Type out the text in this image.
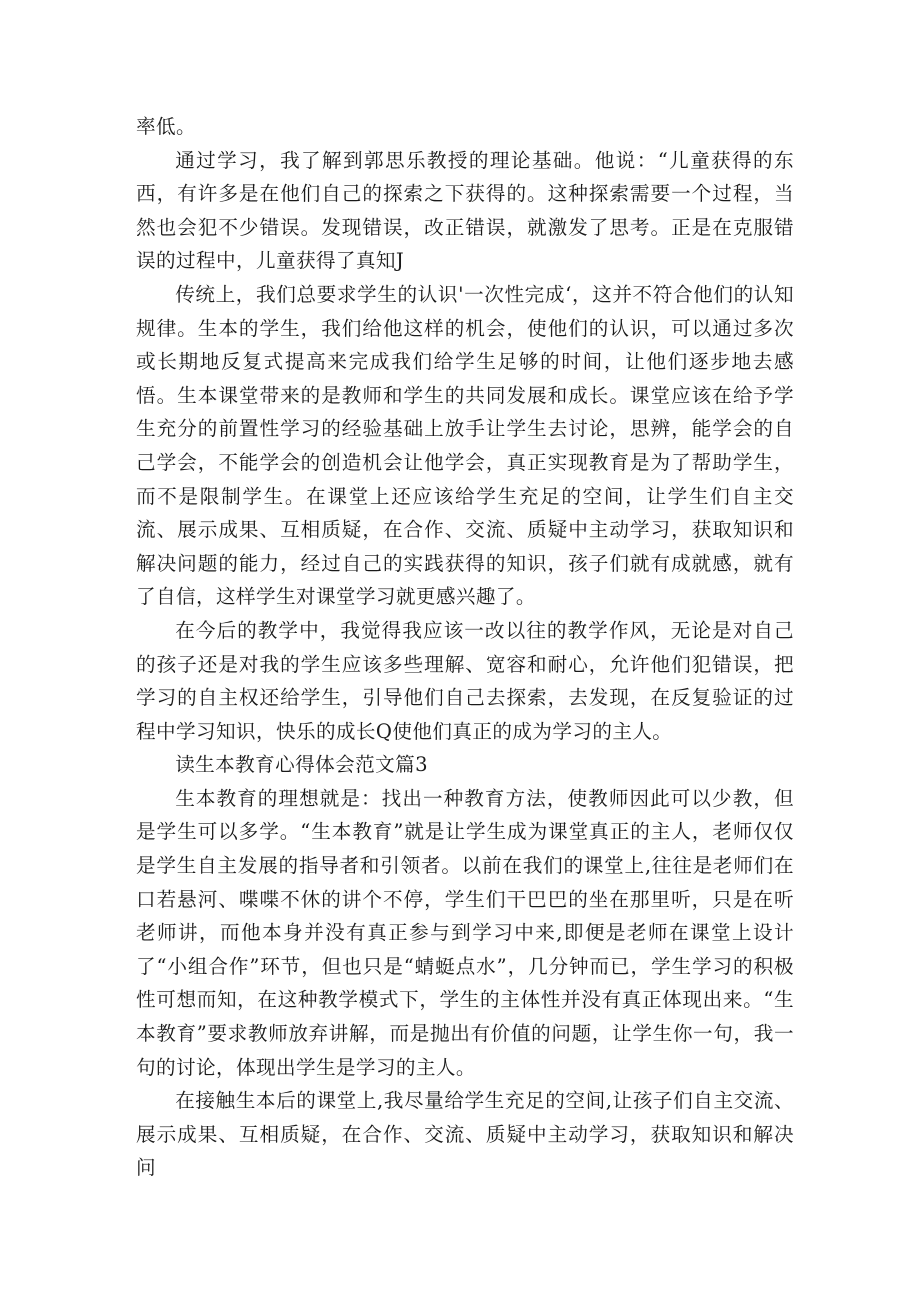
率低。

通过学习，我了解到郭思乐教授的理论基础。他说：“儿童获得的东西，有许多是在他们自己的探索之下获得的。这种探索需要一个过程，当然也会犯不少错误。发现错误，改正错误，就激发了思考。正是在克服错误的过程中，儿童获得了真知J

传统上，我们总要求学生的认识'一次性完成‘，这并不符合他们的认知规律。生本的学生，我们给他这样的机会，使他们的认识，可以通过多次或长期地反复式提高来完成我们给学生足够的时间，让他们逐步地去感悟。生本课堂带来的是教师和学生的共同发展和成长。课堂应该在给予学生充分的前置性学习的经验基础上放手让学生去讨论，思辨，能学会的自己学会，不能学会的创造机会让他学会，真正实现教育是为了帮助学生，而不是限制学生。在课堂上还应该给学生充足的空间，让学生们自主交流、展示成果、互相质疑，在合作、交流、质疑中主动学习，获取知识和解决问题的能力，经过自己的实践获得的知识，孩子们就有成就感，就有了自信，这样学生对课堂学习就更感兴趣了。

在今后的教学中，我觉得我应该一改以往的教学作风，无论是对自己的孩子还是对我的学生应该多些理解、宽容和耐心，允许他们犯错误，把学习的自主权还给学生，引导他们自己去探索，去发现，在反复验证的过程中学习知识，快乐的成长Q使他们真正的成为学习的主人。

读生本教育心得体会范文篇3

生本教育的理想就是：找出一种教育方法，使教师因此可以少教，但是学生可以多学。“生本教育”就是让学生成为课堂真正的主人，老师仅仅是学生自主发展的指导者和引领者。以前在我们的课堂上,往往是老师们在口若悬河、喋喋不休的讲个不停，学生们干巴巴的坐在那里听，只是在听老师讲，而他本身并没有真正参与到学习中来,即便是老师在课堂上设计了“小组合作”环节，但也只是“蜻蜓点水”，几分钟而已，学生学习的积极性可想而知，在这种教学模式下，学生的主体性并没有真正体现出来。“生本教育”要求教师放弃讲解，而是抛出有价值的问题，让学生你一句，我一句的讨论，体现出学生是学习的主人。

在接触生本后的课堂上,我尽量给学生充足的空间,让孩子们自主交流、展示成果、互相质疑，在合作、交流、质疑中主动学习，获取知识和解决问
